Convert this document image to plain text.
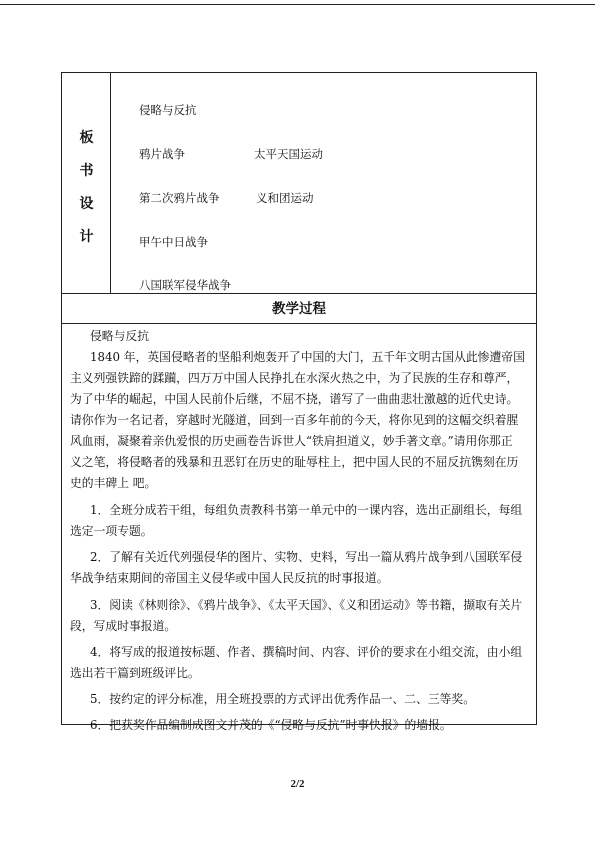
板
书
设
计
侵略与反抗
鸦片战争	太平天国运动
第二次鸦片战争	义和团运动
甲午中日战争
八国联军侵华战争
教学过程
侵略与反抗
1840 年，英国侵略者的坚船利炮轰开了中国的大门，五千年文明古国从此惨遭帝国
主义列强铁蹄的蹂躏，四万万中国人民挣扎在水深火热之中，为了民族的生存和尊严，
为了中华的崛起，中国人民前仆后继，不屈不挠，谱写了一曲曲悲壮激越的近代史诗。
请你作为一名记者，穿越时光隧道，回到一百多年前的今天，将你见到的这幅交织着腥
风血雨，凝聚着亲仇爱恨的历史画卷告诉世人“铁肩担道义，妙手著文章。”请用你那正
义之笔，将侵略者的残暴和丑恶钉在历史的耻辱柱上，把中国人民的不屈反抗镌刻在历
史的丰碑上 吧。
1．全班分成若干组，每组负责教科书第一单元中的一课内容，选出正副组长，每组
选定一项专题。
2．了解有关近代列强侵华的图片、实物、史料，写出一篇从鸦片战争到八国联军侵
华战争结束期间的帝国主义侵华或中国人民反抗的时事报道。
3．阅读《林则徐》、《鸦片战争》、《太平天国》、《义和团运动》等书籍，撷取有关片
段，写成时事报道。
4．将写成的报道按标题、作者、撰稿时间、内容、评价的要求在小组交流，由小组
选出若干篇到班级评比。
5．按约定的评分标准，用全班投票的方式评出优秀作品一、二、三等奖。
6．把获奖作品编制成图文并茂的《“侵略与反抗”时事快报》的墙报。
2/2
